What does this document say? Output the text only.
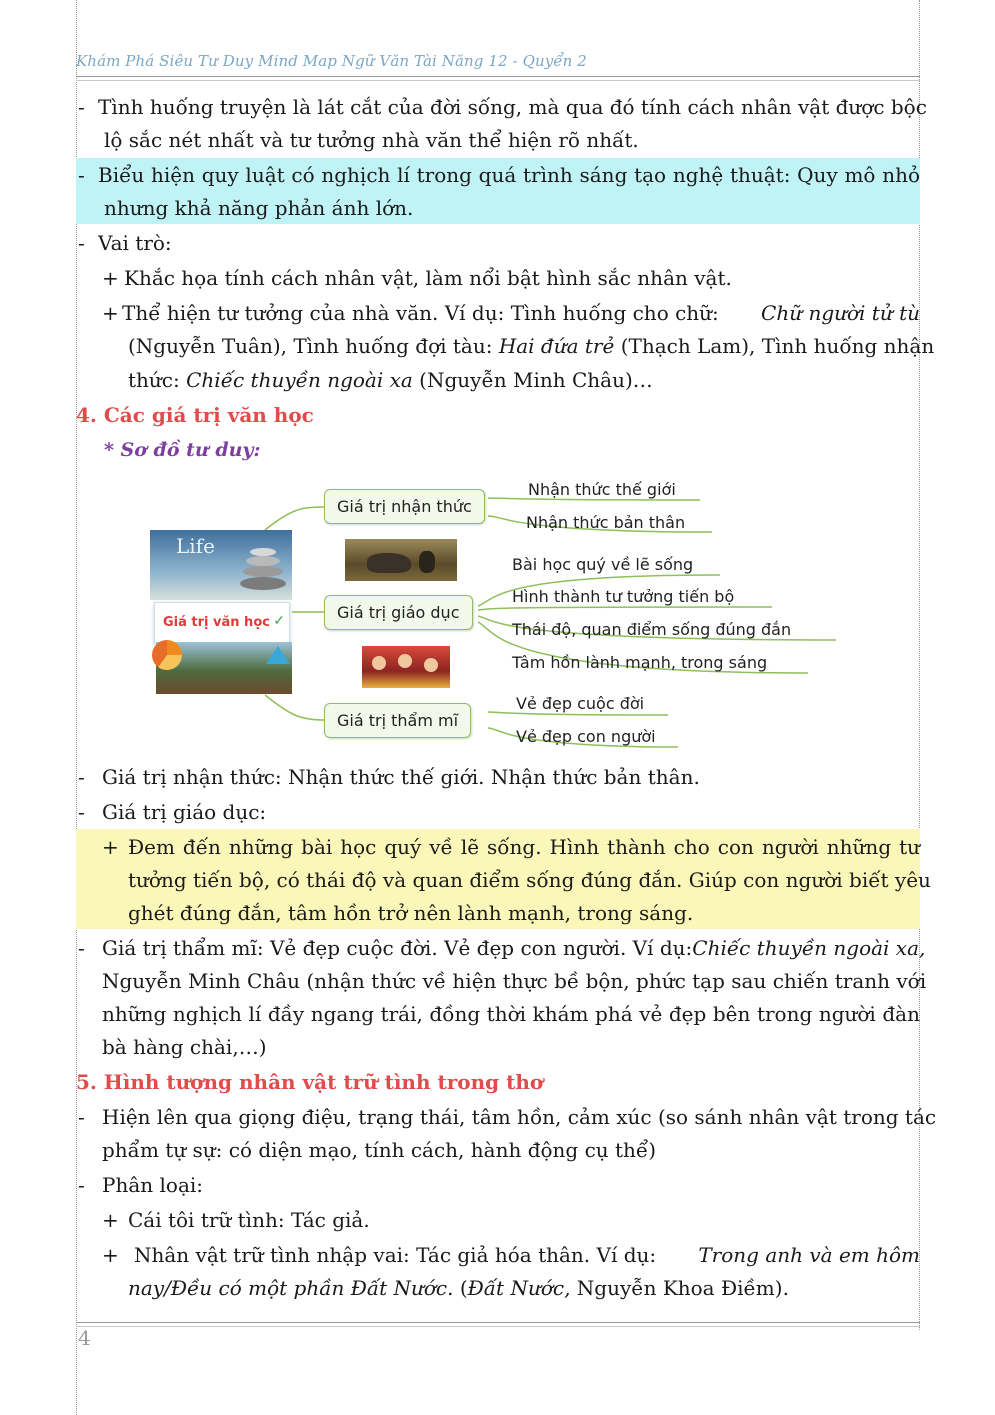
Khám Phá Siêu Tư Duy Mind Map Ngữ Văn Tài Năng 12 - Quyển 2
- Tình huống truyện là lát cắt của đời sống, mà qua đó tính cách nhân vật được bộc
lộ sắc nét nhất và tư tưởng nhà văn thể hiện rõ nhất.
- Biểu hiện quy luật có nghịch lí trong quá trình sáng tạo nghệ thuật: Quy mô nhỏ
nhưng khả năng phản ánh lớn.
- Vai trò:
+ Khắc họa tính cách nhân vật, làm nổi bật hình sắc nhân vật.
+ Thể hiện tư tưởng của nhà văn. Ví dụ: Tình huống cho chữ: Chữ người tử tù
(Nguyễn Tuân), Tình huống đợi tàu: Hai đứa trẻ (Thạch Lam), Tình huống nhận
thức: Chiếc thuyền ngoài xa (Nguyễn Minh Châu)…
4. Các giá trị văn học
* Sơ đồ tư duy:
Life
Giá trị văn học ✓
Giá trị nhận thức
Giá trị giáo dục
Giá trị thẩm mĩ
Nhận thức thế giới
Nhận thức bản thân
Bài học quý về lẽ sống
Hình thành tư tưởng tiến bộ
Thái độ, quan điểm sống đúng đắn
Tâm hồn lành mạnh, trong sáng
Vẻ đẹp cuộc đời
Vẻ đẹp con người
- Giá trị nhận thức: Nhận thức thế giới. Nhận thức bản thân.
- Giá trị giáo dục:
+ Đem đến những bài học quý về lẽ sống. Hình thành cho con người những tư
tưởng tiến bộ, có thái độ và quan điểm sống đúng đắn. Giúp con người biết yêu
ghét đúng đắn, tâm hồn trở nên lành mạnh, trong sáng.
- Giá trị thẩm mĩ: Vẻ đẹp cuộc đời. Vẻ đẹp con người. Ví dụ: Chiếc thuyền ngoài xa,
Nguyễn Minh Châu (nhận thức về hiện thực bề bộn, phức tạp sau chiến tranh với
những nghịch lí đầy ngang trái, đồng thời khám phá vẻ đẹp bên trong người đàn
bà hàng chài,…)
5. Hình tượng nhân vật trữ tình trong thơ
- Hiện lên qua giọng điệu, trạng thái, tâm hồn, cảm xúc (so sánh nhân vật trong tác
phẩm tự sự: có diện mạo, tính cách, hành động cụ thể)
- Phân loại:
+ Cái tôi trữ tình: Tác giả.
+ Nhân vật trữ tình nhập vai: Tác giả hóa thân. Ví dụ: Trong anh và em hôm
nay/Đều có một phần Đất Nước. (Đất Nước, Nguyễn Khoa Điềm).
4
